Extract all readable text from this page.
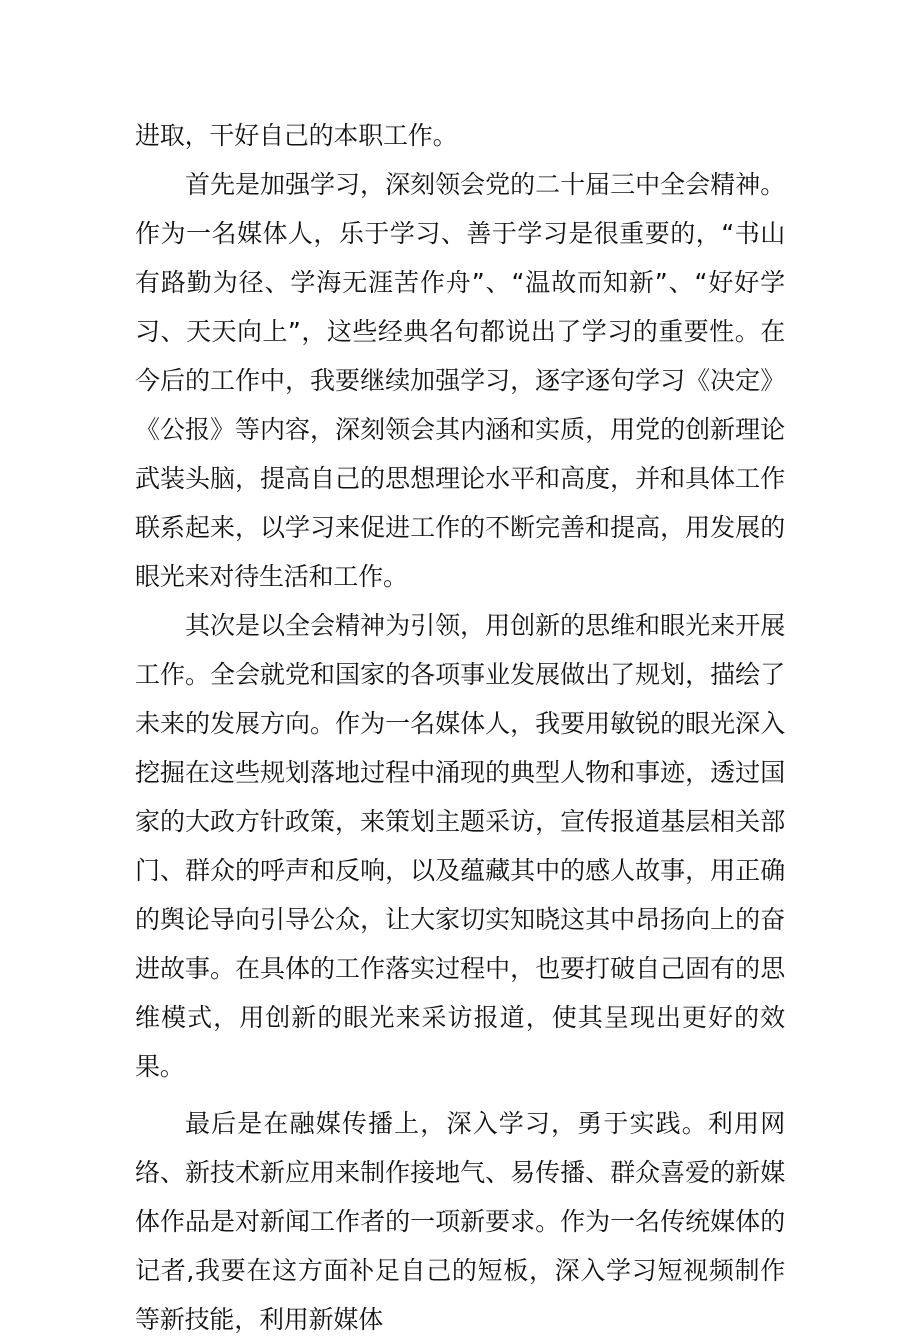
进取，干好自己的本职工作。

首先是加强学习，深刻领会党的二十届三中全会精神。作为一名媒体人，乐于学习、善于学习是很重要的，“书山有路勤为径、学海无涯苦作舟”、“温故而知新”、“好好学习、天天向上”，这些经典名句都说出了学习的重要性。在今后的工作中，我要继续加强学习，逐字逐句学习《决定》《公报》等内容，深刻领会其内涵和实质，用党的创新理论武装头脑，提高自己的思想理论水平和高度，并和具体工作联系起来，以学习来促进工作的不断完善和提高，用发展的眼光来对待生活和工作。

其次是以全会精神为引领，用创新的思维和眼光来开展工作。全会就党和国家的各项事业发展做出了规划，描绘了未来的发展方向。作为一名媒体人，我要用敏锐的眼光深入挖掘在这些规划落地过程中涌现的典型人物和事迹，透过国家的大政方针政策，来策划主题采访，宣传报道基层相关部门、群众的呼声和反响，以及蕴藏其中的感人故事，用正确的舆论导向引导公众，让大家切实知晓这其中昂扬向上的奋进故事。在具体的工作落实过程中，也要打破自己固有的思维模式，用创新的眼光来采访报道，使其呈现出更好的效果。

最后是在融媒传播上，深入学习，勇于实践。利用网络、新技术新应用来制作接地气、易传播、群众喜爱的新媒体作品是对新闻工作者的一项新要求。作为一名传统媒体的记者,我要在这方面补足自己的短板，深入学习短视频制作等新技能，利用新媒体
